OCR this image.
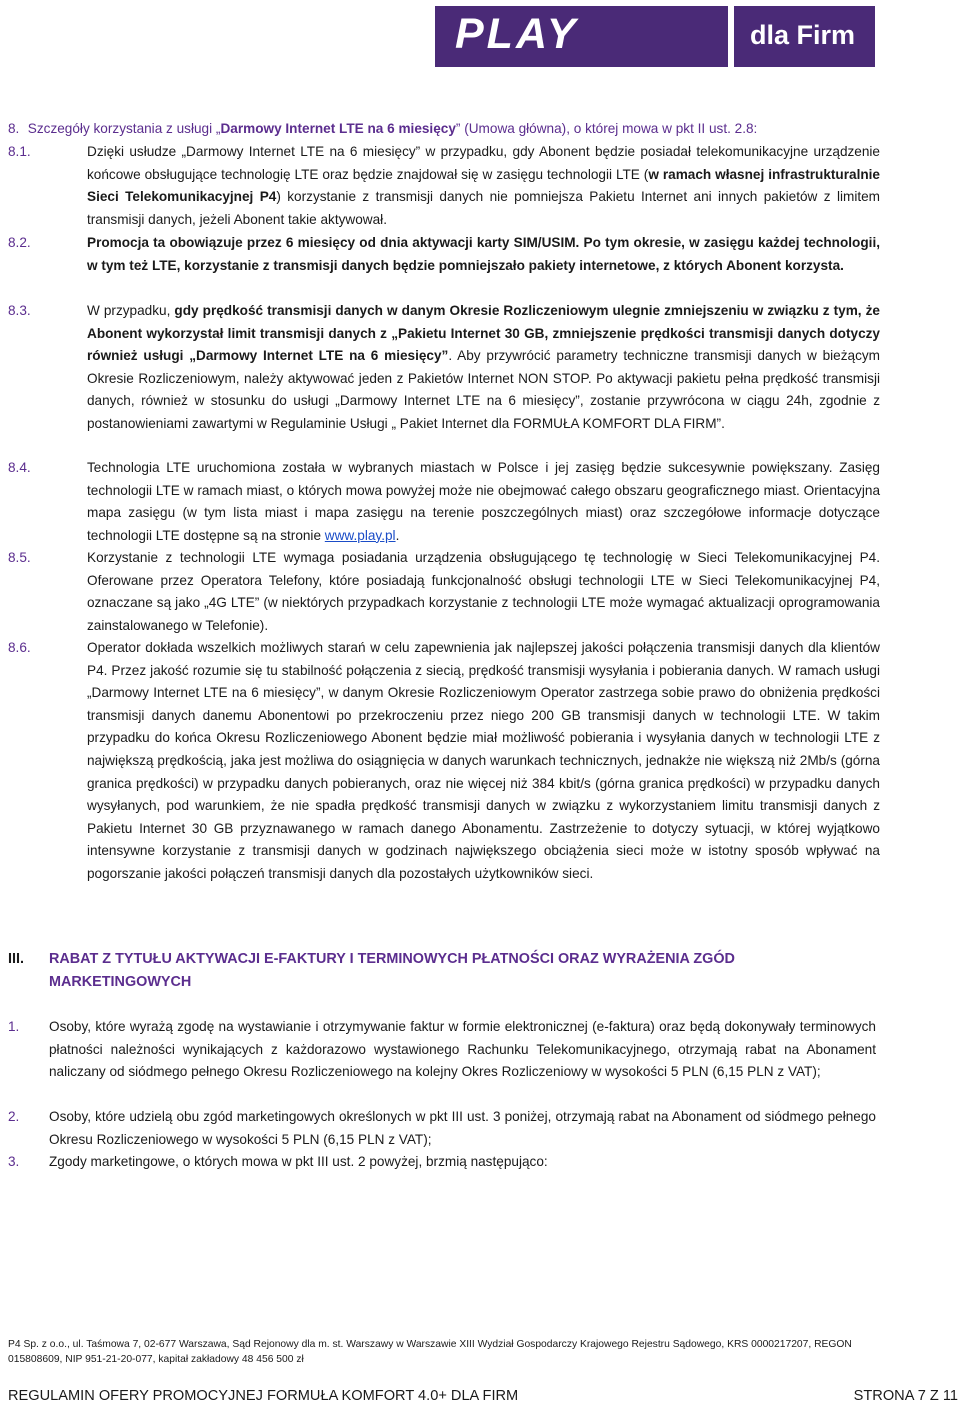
PLAY	dla Firm
8. Szczegóły korzystania z usługi „Darmowy Internet LTE na 6 miesięcy” (Umowa główna), o której mowa w pkt II ust. 2.8:
8.1.	Dzięki usłudze „Darmowy Internet LTE na 6 miesięcy” w przypadku, gdy Abonent będzie posiadał telekomunikacyjne urządzenie końcowe obsługujące technologię LTE oraz będzie znajdował się w zasięgu technologii LTE (w ramach własnej infrastrukturalnie Sieci Telekomunikacyjnej P4) korzystanie z transmisji danych nie pomniejsza Pakietu Internet ani innych pakietów z limitem transmisji danych, jeżeli Abonent takie aktywował.
8.2.	Promocja ta obowiązuje przez 6 miesięcy od dnia aktywacji karty SIM/USIM. Po tym okresie, w zasięgu każdej technologii, w tym też LTE, korzystanie z transmisji danych będzie pomniejszało pakiety internetowe, z których Abonent korzysta.
8.3.	W przypadku, gdy prędkość transmisji danych w danym Okresie Rozliczeniowym ulegnie zmniejszeniu w związku z tym, że Abonent wykorzystał limit transmisji danych z „Pakietu Internet 30 GB, zmniejszenie prędkości transmisji danych dotyczy również usługi „Darmowy Internet LTE na 6 miesięcy”. Aby przywrócić parametry techniczne transmisji danych w bieżącym Okresie Rozliczeniowym, należy aktywować jeden z Pakietów Internet NON STOP. Po aktywacji pakietu pełna prędkość transmisji danych, również w stosunku do usługi „Darmowy Internet LTE na 6 miesięcy”, zostanie przywrócona w ciągu 24h, zgodnie z postanowieniami zawartymi w Regulaminie Usługi „ Pakiet Internet dla FORMUŁA KOMFORT DLA FIRM”.
8.4.	Technologia LTE uruchomiona została w wybranych miastach w Polsce i jej zasięg będzie sukcesywnie powiększany. Zasięg technologii LTE w ramach miast, o których mowa powyżej może nie obejmować całego obszaru geograficznego miast. Orientacyjna mapa zasięgu (w tym lista miast i mapa zasięgu na terenie poszczególnych miast) oraz szczegółowe informacje dotyczące technologii LTE dostępne są na stronie www.play.pl.
8.5.	Korzystanie z technologii LTE wymaga posiadania urządzenia obsługującego tę technologię w Sieci Telekomunikacyjnej P4. Oferowane przez Operatora Telefony, które posiadają funkcjonalność obsługi technologii LTE w Sieci Telekomunikacyjnej P4, oznaczane są jako „4G LTE” (w niektórych przypadkach korzystanie z technologii LTE może wymagać aktualizacji oprogramowania zainstalowanego w Telefonie).
8.6.	Operator dokłada wszelkich możliwych starań w celu zapewnienia jak najlepszej jakości połączenia transmisji danych dla klientów P4. Przez jakość rozumie się tu stabilność połączenia z siecią, prędkość transmisji wysyłania i pobierania danych. W ramach usługi „Darmowy Internet LTE na 6 miesięcy”, w danym Okresie Rozliczeniowym Operator zastrzega sobie prawo do obniżenia prędkości transmisji danych danemu Abonentowi po przekroczeniu przez niego 200 GB transmisji danych w technologii LTE. W takim przypadku do końca Okresu Rozliczeniowego Abonent będzie miał możliwość pobierania i wysyłania danych w technologii LTE z największą prędkością, jaka jest możliwa do osiągnięcia w danych warunkach technicznych, jednakże nie większą niż 2Mb/s (górna granica prędkości) w przypadku danych pobieranych, oraz nie więcej niż 384 kbit/s (górna granica prędkości) w przypadku danych wysyłanych, pod warunkiem, że nie spadła prędkość transmisji danych w związku z wykorzystaniem limitu transmisji danych z Pakietu Internet 30 GB przyznawanego w ramach danego Abonamentu. Zastrzeżenie to dotyczy sytuacji, w której wyjątkowo intensywne korzystanie z transmisji danych w godzinach największego obciążenia sieci może w istotny sposób wpływać na pogorszanie jakości połączeń transmisji danych dla pozostałych użytkowników sieci.
III. RABAT Z TYTUŁU AKTYWACJI E-FAKTURY I TERMINOWYCH PŁATNOŚCI ORAZ WYRAŻENIA ZGÓD MARKETINGOWYCH
1. Osoby, które wyrażą zgodę na wystawianie i otrzymywanie faktur w formie elektronicznej (e-faktura) oraz będą dokonywały terminowych płatności należności wynikających z każdorazowo wystawionego Rachunku Telekomunikacyjnego, otrzymają rabat na Abonament naliczany od siódmego pełnego Okresu Rozliczeniowego na kolejny Okres Rozliczeniowy w wysokości 5 PLN (6,15 PLN z VAT);
2. Osoby, które udzielą obu zgód marketingowych określonych w pkt III ust. 3 poniżej, otrzymają rabat na Abonament od siódmego pełnego Okresu Rozliczeniowego w wysokości 5 PLN (6,15 PLN z VAT);
3. Zgody marketingowe, o których mowa w pkt III ust. 2 powyżej, brzmią następująco:
P4 Sp. z o.o., ul. Taśmowa 7, 02-677 Warszawa, Sąd Rejonowy dla m. st. Warszawy w Warszawie XIII Wydział Gospodarczy Krajowego Rejestru Sądowego, KRS 0000217207, REGON 015808609, NIP 951-21-20-077, kapitał zakładowy 48 456 500 zł
REGULAMIN OFERY PROMOCYJNEJ FORMUŁA KOMFORT 4.0+ DLA FIRM	STRONA 7 Z 11
